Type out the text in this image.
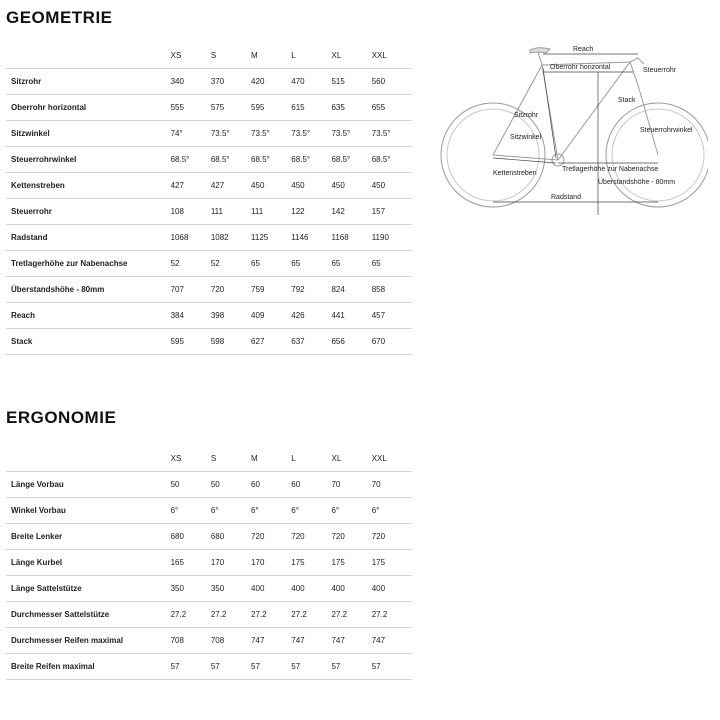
GEOMETRIE
	XS	S	M	L	XL	XXL
Sitzrohr	340	370	420	470	515	560
Oberrohr horizontal	555	575	595	615	635	655
Sitzwinkel	74°	73.5°	73.5°	73.5°	73.5°	73.5°
Steuerrohrwinkel	68.5°	68.5°	68.5°	68.5°	68.5°	68.5°
Kettenstreben	427	427	450	450	450	450
Steuerrohr	108	111	111	122	142	157
Radstand	1068	1082	1125	1146	1168	1190
Tretlagerhöhe zur Nabenachse	52	52	65	65	65	65
Überstandshöhe - 80mm	707	720	759	792	824	858
Reach	384	398	409	426	441	457
Stack	595	598	627	637	656	670
ERGONOMIE
	XS	S	M	L	XL	XXL
Länge Vorbau	50	50	60	60	70	70
Winkel Vorbau	6°	6°	6°	6°	6°	6°
Breite Lenker	680	680	720	720	720	720
Länge Kurbel	165	170	170	175	175	175
Länge Sattelstütze	350	350	400	400	400	400
Durchmesser Sattelstütze	27.2	27.2	27.2	27.2	27.2	27.2
Durchmesser Reifen maximal	708	708	747	747	747	747
Breite Reifen maximal	57	57	57	57	57	57
Reach
Oberrohr horizontal	Steuerrohr
Stack
Sitzrohr
Sitzwinkel
Steuerrohrwinkel
Tretlagerhöhe zur Nabenachse
Überstandshöhe - 80mm
Kettenstreben
Radstand
